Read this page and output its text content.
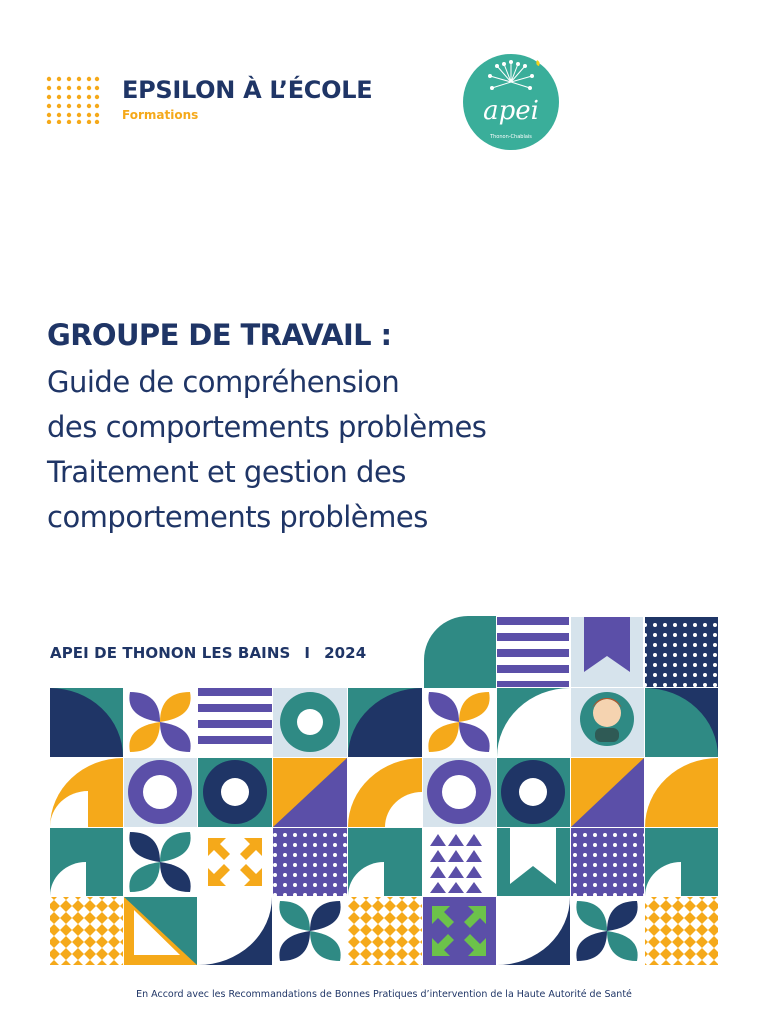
EPSILON À L’ÉCOLE

Formations	apei
Thonon-Chablais
GROUPE DE TRAVAIL :

Guide de compréhension

des comportements problèmes

Traitement et gestion des

comportements problèmes

APEI DE THONON LES BAINS I 2024

En Accord avec les Recommandations de Bonnes Pratiques d’intervention de la Haute Autorité de Santé
